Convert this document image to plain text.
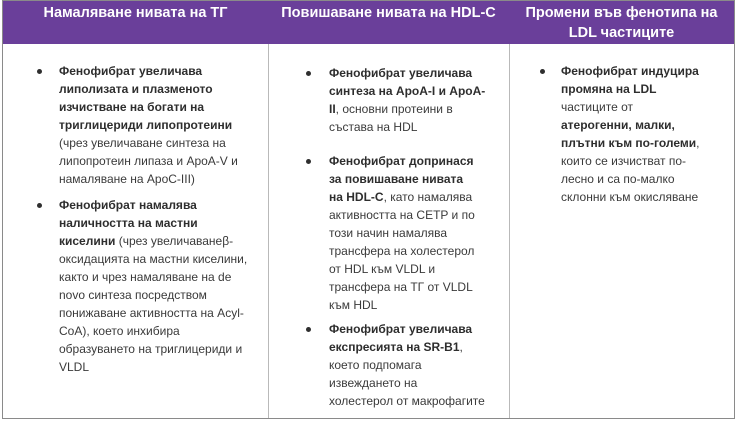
Намаляване нивата на ТГ	Повишаване нивата на HDL-C	Промени във фенотипа на LDL частиците
Фенофибрат увеличава
липолизата и плазменото
изчистване на богати на
триглицериди липопротеини
(чрез увеличаване синтеза на
липопротеин липаза и ApoA-V и
намаляване на ApoC-III)
Фенофибрат намалява
наличността на мастни
киселини (чрез увеличаванеβ-
оксидацията на мастни киселини,
както и чрез намаляване на de
novo синтеза посредством
понижаване активността на Acyl-
CoA), което инхибира
образуването на триглицериди и
VLDL
Фенофибрат увеличава
синтеза на ApoA-I и ApoA-
II, основни протеини в
състава на HDL
Фенофибрат допринася
за повишаване нивата
на HDL-C, като намалява
активността на CETP и по
този начин намалява
трансфера на холестерол
от HDL към VLDL и
трансфера на ТГ от VLDL
към HDL
Фенофибрат увеличава
експресията на SR-B1,
което подпомага
извеждането на
холестерол от макрофагите
Фенофибрат индуцира
промяна на LDL
частиците от
атерогенни, малки,
плътни към по-големи,
които се изчистват по-
лесно и са по-малко
склонни към окисляване
